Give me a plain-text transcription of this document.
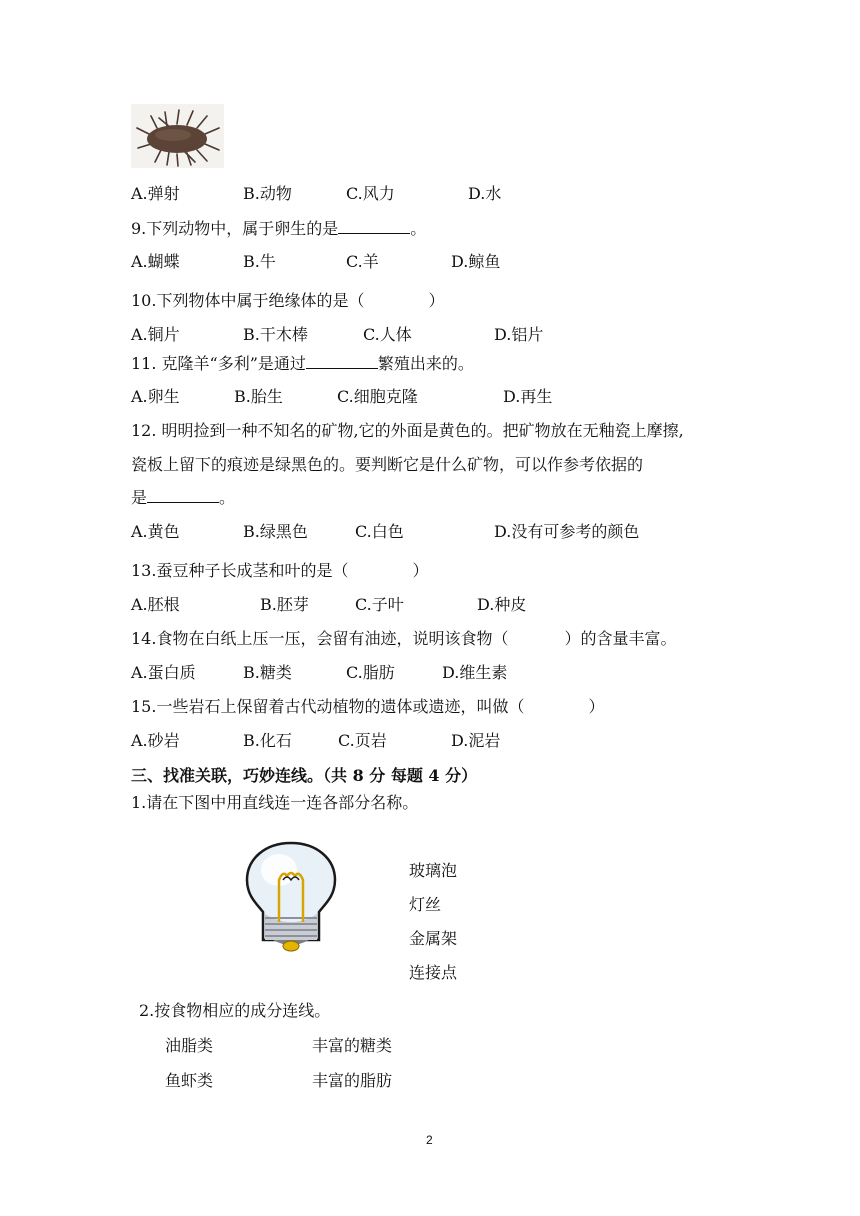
A.弹射	B.动物	C.风力	D.水
9.下列动物中，属于卵生的是	。
A.蝴蝶	B.牛	C.羊	D.鲸鱼
10.下列物体中属于绝缘体的是（	）
A.铜片	B.干木棒	C.人体	D.铝片
11. 克隆羊“多利”是通过	繁殖出来的。
A.卵生	B.胎生	C.细胞克隆	D.再生
12. 明明捡到一种不知名的矿物,它的外面是黄色的。把矿物放在无釉瓷上摩擦,
瓷板上留下的痕迹是绿黑色的。要判断它是什么矿物，可以作参考依据的
是	。
A.黄色	B.绿黑色	C.白色	D.没有可参考的颜色
13.蚕豆种子长成茎和叶的是（	）
A.胚根	B.胚芽	C.子叶	D.种皮
14.食物在白纸上压一压，会留有油迹，说明该食物（	）的含量丰富。
A.蛋白质	B.糖类	C.脂肪	D.维生素
15.一些岩石上保留着古代动植物的遗体或遗迹，叫做（	）
A.砂岩	B.化石	C.页岩	D.泥岩
三、找准关联，巧妙连线。（共 8 分 每题 4 分）
1.请在下图中用直线连一连各部分名称。
玻璃泡
灯丝
金属架
连接点
2.按食物相应的成分连线。
油脂类	丰富的糖类
鱼虾类	丰富的脂肪
2
